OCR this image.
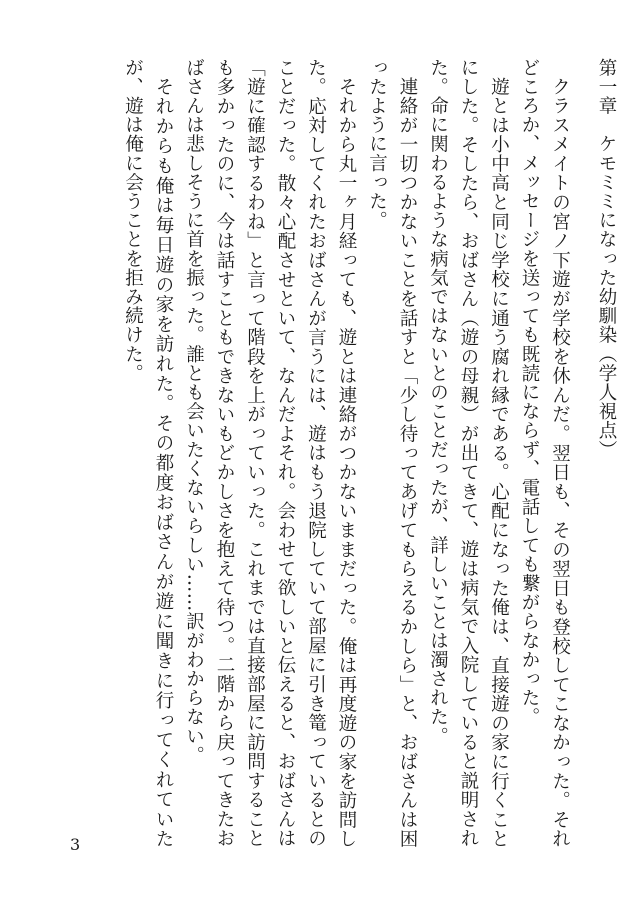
第一章　ケモミミになった幼馴染（学人視点）

クラスメイトの宮ノ下遊が学校を休んだ。翌日も、その翌日も登校してこなかった。それどころか、メッセージを送っても既読にならず、電話しても繋がらなかった。

遊とは小中高と同じ学校に通う腐れ縁である。心配になった俺は、直接遊の家に行くことにした。そしたら、おばさん（遊の母親）が出てきて、遊は病気で入院していると説明された。命に関わるような病気ではないとのことだったが、詳しいことは濁された。

連絡が一切つかないことを話すと「少し待ってあげてもらえるかしら」と、おばさんは困ったように言った。

それから丸一ヶ月経っても、遊とは連絡がつかないままだった。俺は再度遊の家を訪問した。応対してくれたおばさんが言うには、遊はもう退院していて部屋に引き篭っているとのことだった。散々心配させといて、なんだよそれ。会わせて欲しいと伝えると、おばさんは「遊に確認するわね」と言って階段を上がっていった。これまでは直接部屋に訪問することも多かったのに、今は話すこともできないもどかしさを抱えて待つ。二階から戻ってきたおばさんは悲しそうに首を振った。誰とも会いたくないらしい……訳がわからない。

それからも俺は毎日遊の家を訪れた。その都度おばさんが遊に聞きに行ってくれていたが、遊は俺に会うことを拒み続けた。

3
